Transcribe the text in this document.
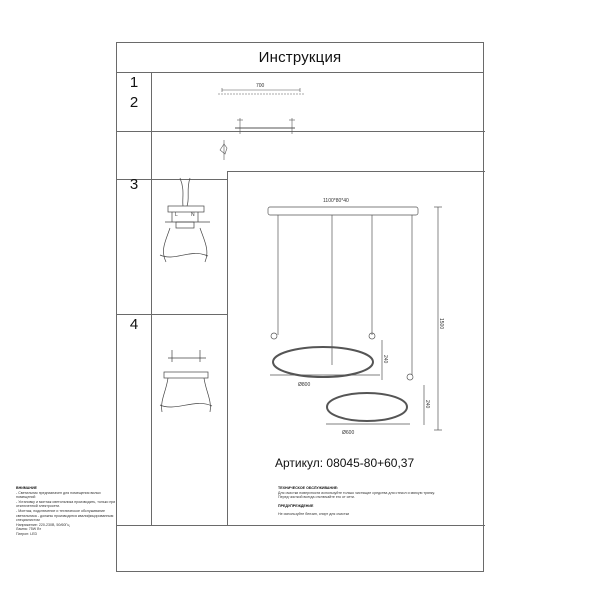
Инструкция
1
2
3
4
700
L	N
1100*80*40
1500
240
240
Ø800
Ø600
Артикул: 08045-80+60,37
ВНИМАНИЕ
- Светильник предназначен для помещения вилых
помещений
- Установку и монтаж светильника производить, только при
отключенной электросети.
- Монтаж, подключение и техническое обслуживание
светильника - должны производится квалифицированным
специалистом
Напряжение: 220-230В, 50/60Гц
Лампа: 75W Вт
Патрон: LED
ТЕХНИЧЕСКОЕ ОБСЛУЖИВАНИЕ:
Для очистки поверхности используйте только чистящие средства для стекол и мягкую тряпку.
Перед чисткой всегда отключайте его от сети.
ПРЕДУПРЕЖДЕНИЕ
Не используйте бензин, спирт для очистки
